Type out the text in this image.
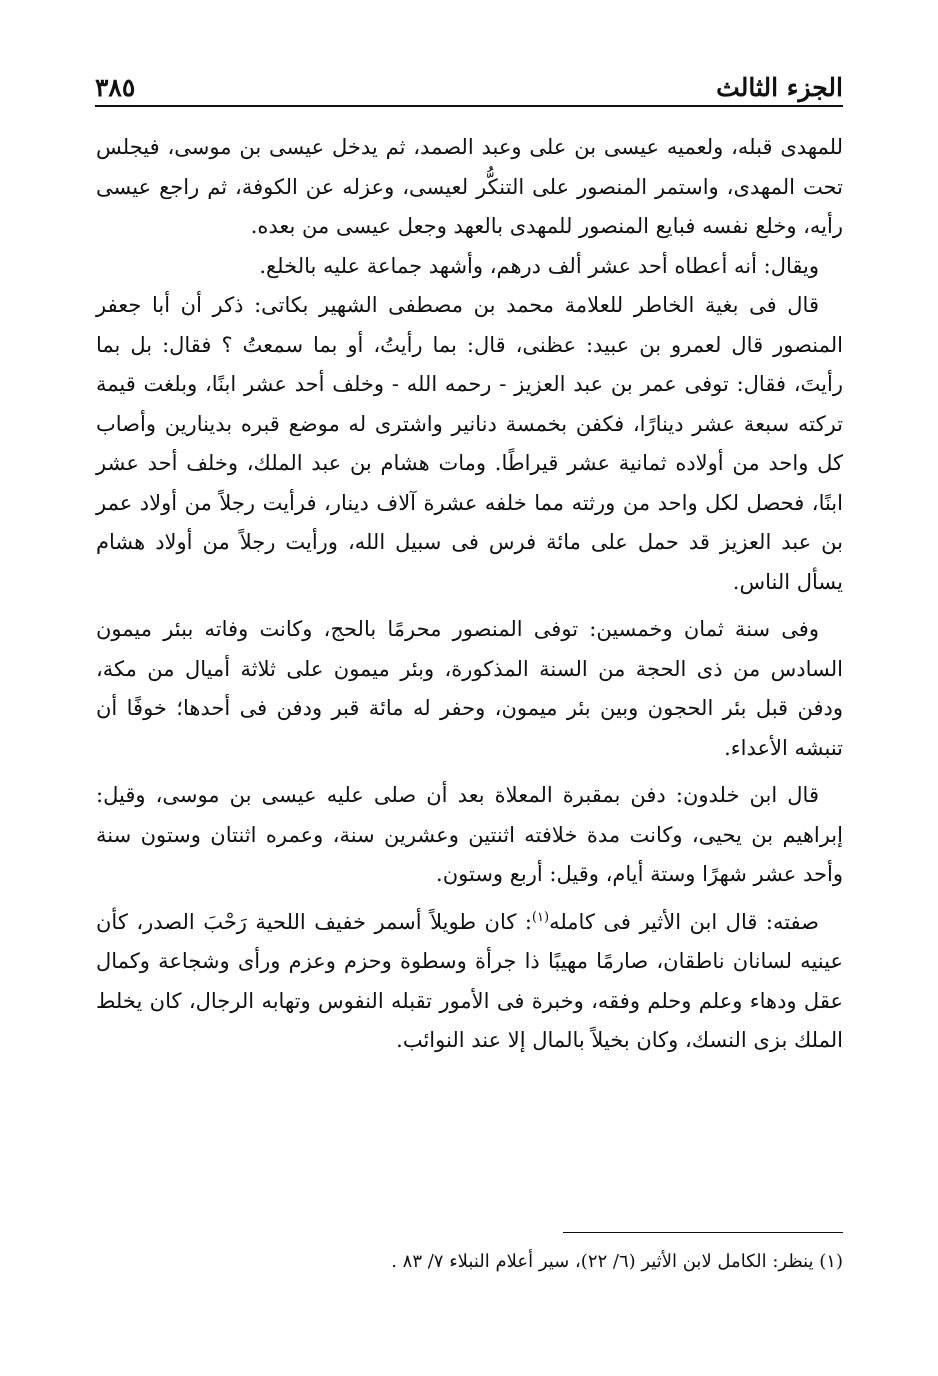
الجزء الثالث
٣٨٥

للمهدى قبله، ولعميه عيسى بن على وعبد الصمد، ثم يدخل عيسى بن موسى، فيجلس تحت المهدى، واستمر المنصور على التنكُّر لعيسى، وعزله عن الكوفة، ثم راجع عيسى رأيه، وخلع نفسه فبايع المنصور للمهدى بالعهد وجعل عيسى من بعده.

ويقال: أنه أعطاه أحد عشر ألف درهم، وأشهد جماعة عليه بالخلع.

قال فى بغية الخاطر للعلامة محمد بن مصطفى الشهير بكاتى: ذكر أن أبا جعفر المنصور قال لعمرو بن عبيد: عظنى، قال: بما رأيتُ، أو بما سمعتُ ؟ فقال: بل بما رأيتَ، فقال: توفى عمر بن عبد العزيز - رحمه الله - وخلف أحد عشر ابنًا، وبلغت قيمة تركته سبعة عشر دينارًا، فكفن بخمسة دنانير واشترى له موضع قبره بدينارين وأصاب كل واحد من أولاده ثمانية عشر قيراطًا. ومات هشام بن عبد الملك، وخلف أحد عشر ابنًا، فحصل لكل واحد من ورثته مما خلفه عشرة آلاف دينار، فرأيت رجلاً من أولاد عمر بن عبد العزيز قد حمل على مائة فرس فى سبيل الله، ورأيت رجلاً من أولاد هشام يسأل الناس.

وفى سنة ثمان وخمسين: توفى المنصور محرمًا بالحج، وكانت وفاته ببئر ميمون السادس من ذى الحجة من السنة المذكورة، وبئر ميمون على ثلاثة أميال من مكة، ودفن قبل بئر الحجون وبين بئر ميمون، وحفر له مائة قبر ودفن فى أحدها؛ خوفًا أن تنبشه الأعداء.

قال ابن خلدون: دفن بمقبرة المعلاة بعد أن صلى عليه عيسى بن موسى، وقيل: إبراهيم بن يحيى، وكانت مدة خلافته اثنتين وعشرين سنة، وعمره اثنتان وستون سنة وأحد عشر شهرًا وستة أيام، وقيل: أربع وستون.

صفته: قال ابن الأثير فى كامله$^{(١)}$: كان طويلاً أسمر خفيف اللحية رَحْبَ الصدر، كأن عينيه لسانان ناطقان، صارمًا مهيبًا ذا جرأة وسطوة وحزم وعزم ورأى وشجاعة وكمال عقل ودهاء وعلم وحلم وفقه، وخبرة فى الأمور تقبله النفوس وتهابه الرجال، كان يخلط الملك بزى النسك، وكان بخيلاً بالمال إلا عند النوائب.

(١) ينظر: الكامل لابن الأثير (٦/ ٢٢)، سير أعلام النبلاء ٧/ ٨٣ .
